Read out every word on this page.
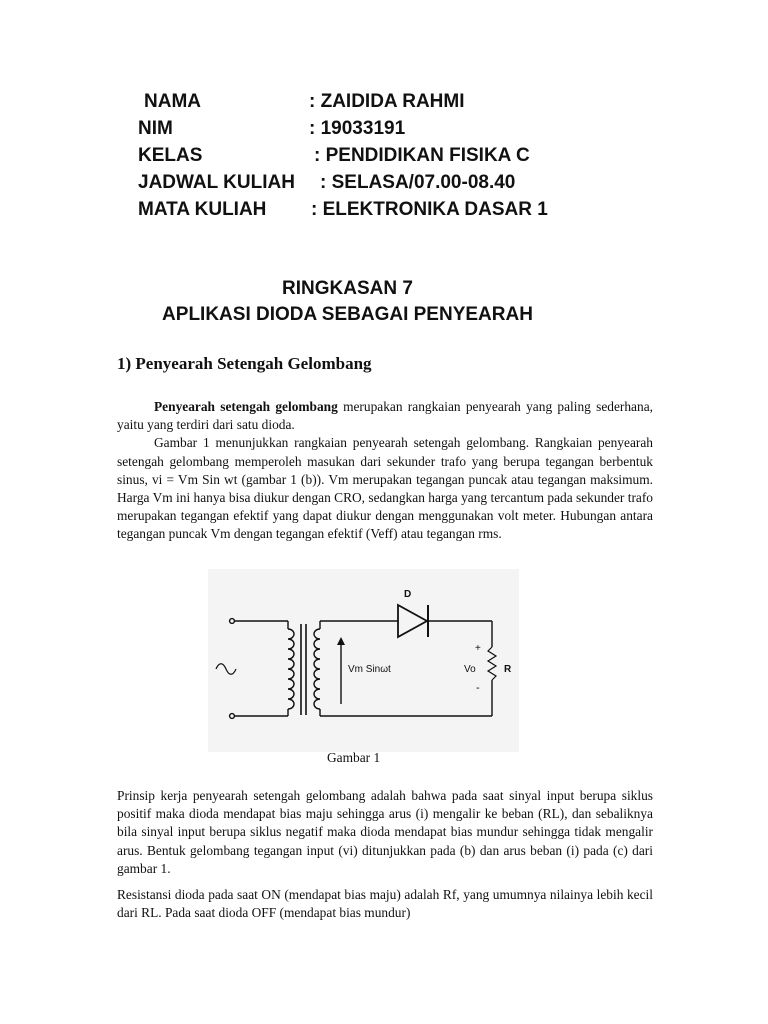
NAMA	: ZAIDIDA RAHMI
NIM	: 19033191
KELAS	: PENDIDIKAN FISIKA C
JADWAL KULIAH : SELASA/07.00-08.40
MATA KULIAH : ELEKTRONIKA DASAR 1
RINGKASAN 7
APLIKASI DIODA SEBAGAI PENYEARAH
1) Penyearah Setengah Gelombang

Penyearah setengah gelombang merupakan rangkaian penyearah yang paling sederhana, yaitu yang terdiri dari satu dioda.

Gambar 1 menunjukkan rangkaian penyearah setengah gelombang. Rangkaian penyearah setengah gelombang memperoleh masukan dari sekunder trafo yang berupa tegangan berbentuk sinus, vi = Vm Sin wt (gambar 1 (b)). Vm merupakan tegangan puncak atau tegangan maksimum. Harga Vm ini hanya bisa diukur dengan CRO, sedangkan harga yang tercantum pada sekunder trafo merupakan tegangan efektif yang dapat diukur dengan menggunakan volt meter. Hubungan antara tegangan puncak Vm dengan tegangan efektif (Veff) atau tegangan rms.

D
Vm Sinωt	Vo	R
+
-
Gambar 1

Prinsip kerja penyearah setengah gelombang adalah bahwa pada saat sinyal input berupa siklus positif maka dioda mendapat bias maju sehingga arus (i) mengalir ke beban (RL), dan sebaliknya bila sinyal input berupa siklus negatif maka dioda mendapat bias mundur sehingga tidak mengalir arus. Bentuk gelombang tegangan input (vi) ditunjukkan pada (b) dan arus beban (i) pada (c) dari gambar 1.

Resistansi dioda pada saat ON (mendapat bias maju) adalah Rf, yang umumnya nilainya lebih kecil dari RL. Pada saat dioda OFF (mendapat bias mundur)
